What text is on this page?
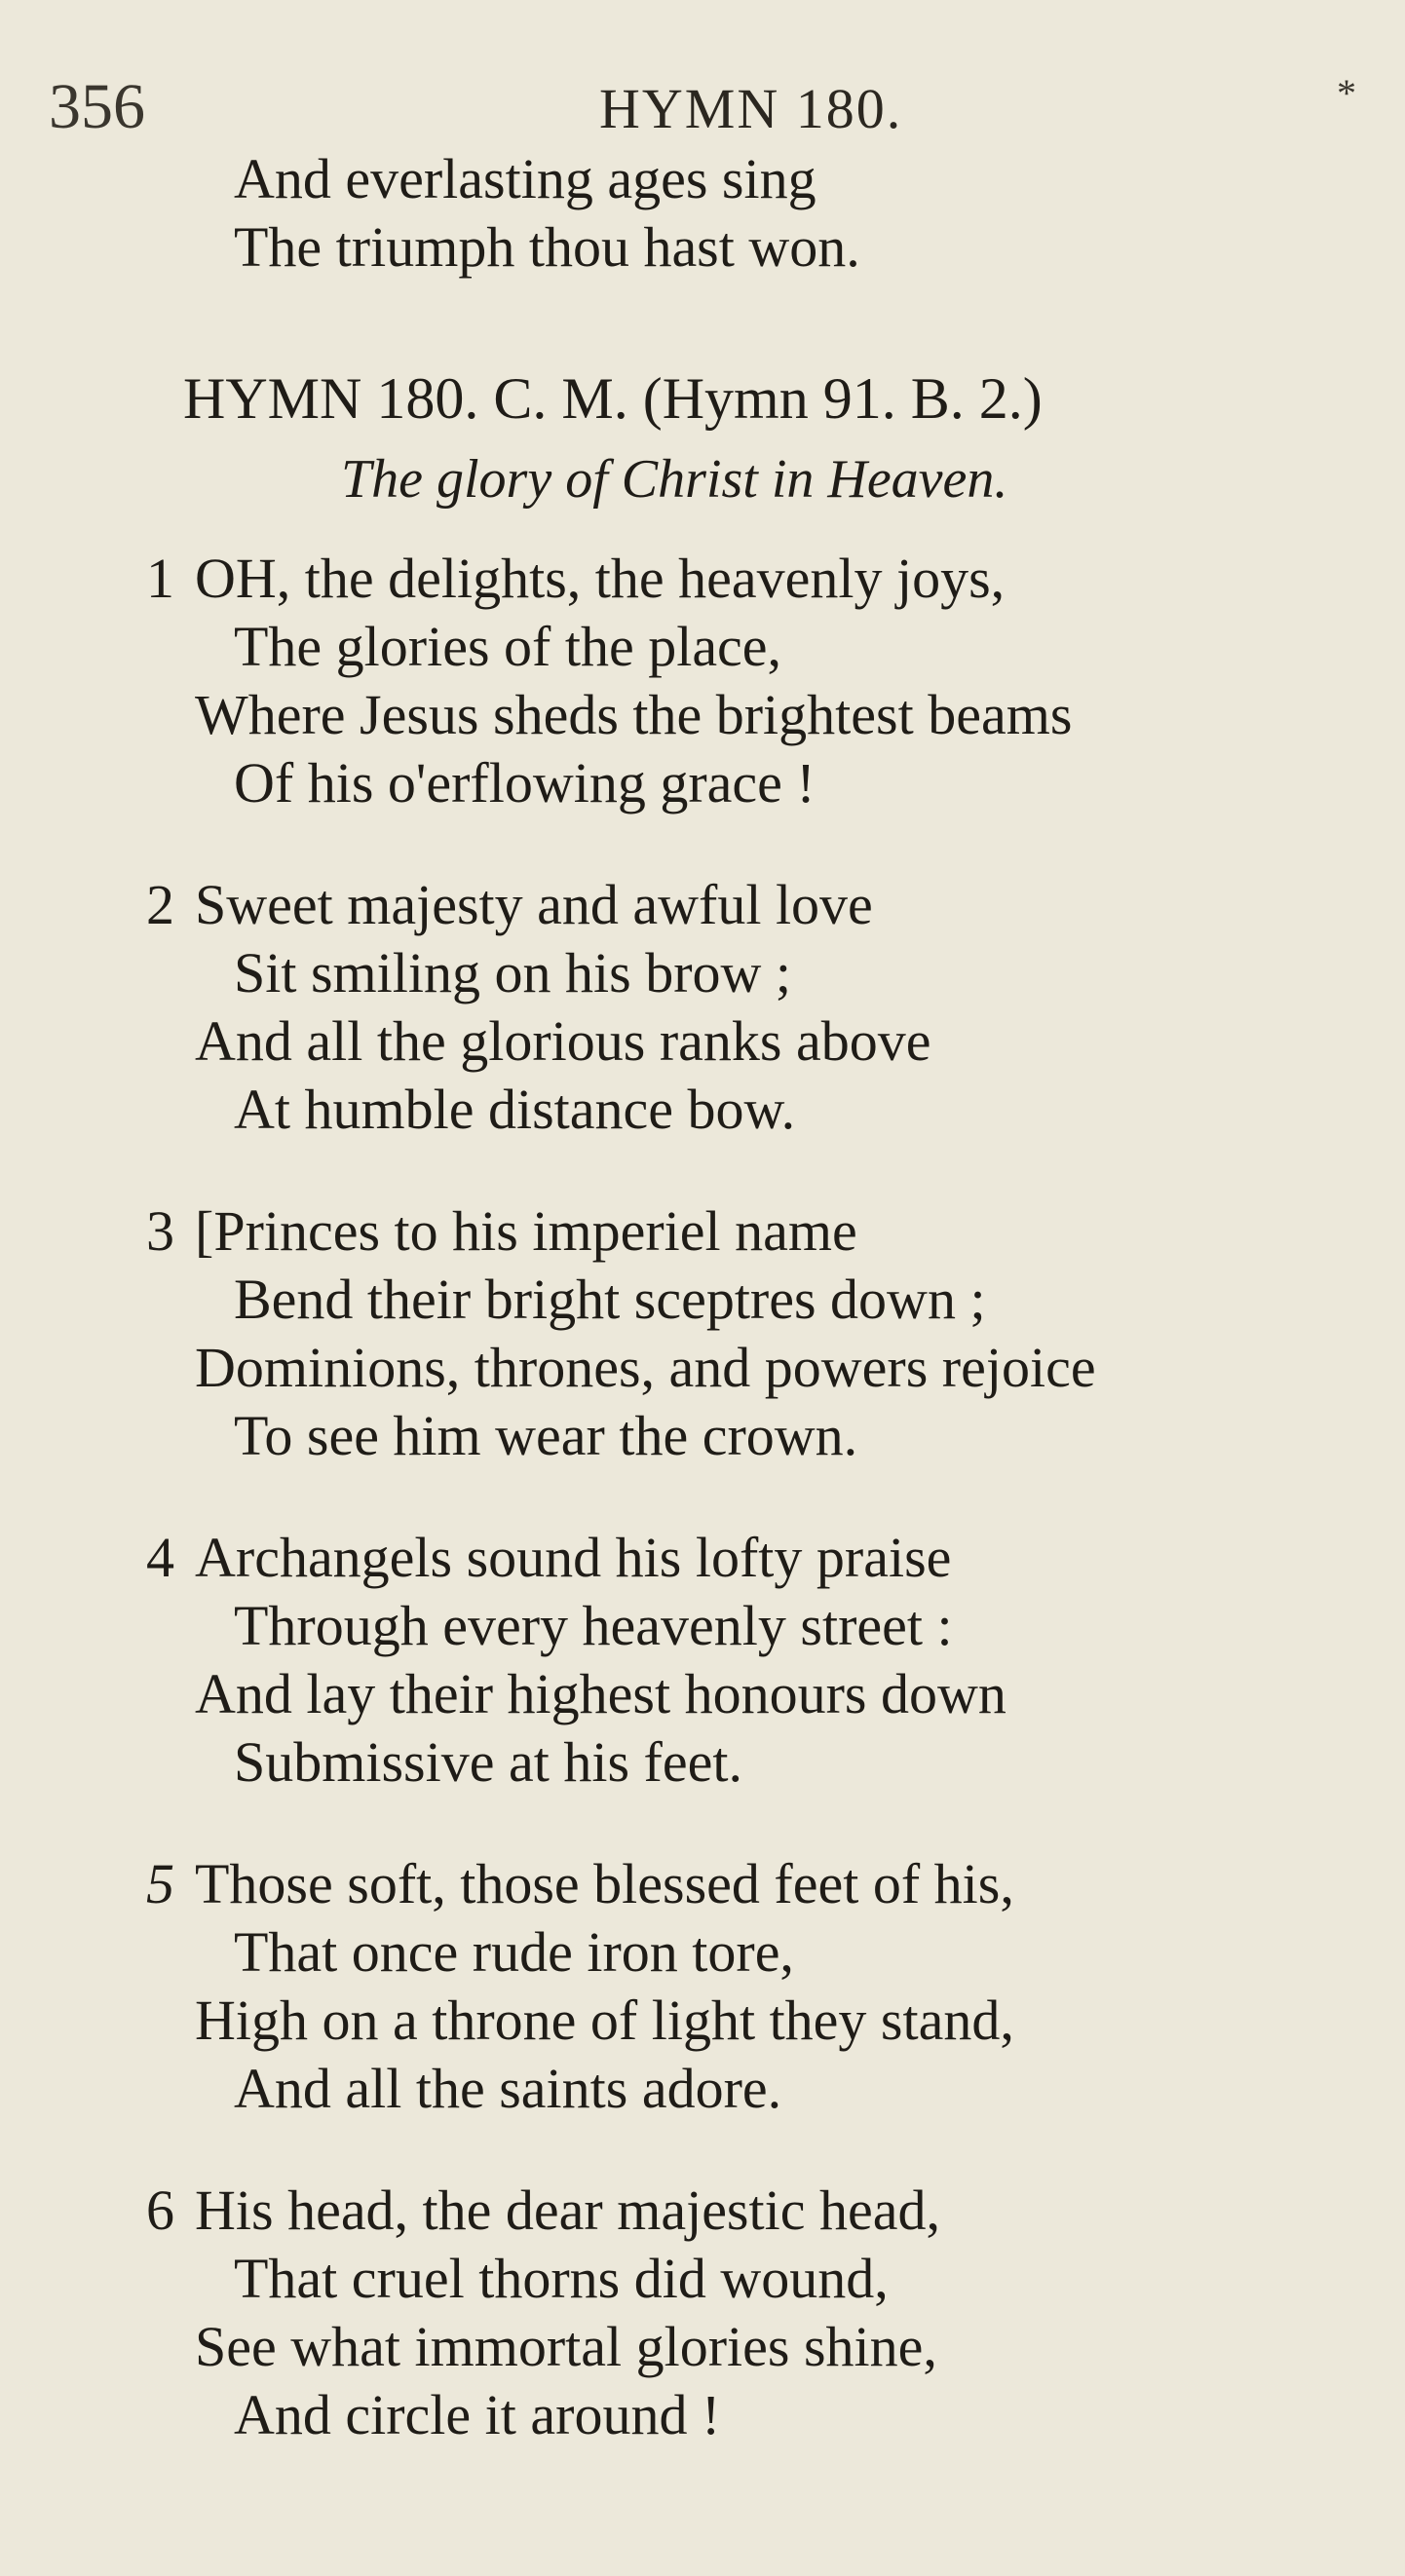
356	HYMN 180.	*
And everlasting ages sing
The triumph thou hast won.
HYMN 180. C. M. (Hymn 91. B. 2.)
The glory of Christ in Heaven.
1 OH, the delights, the heavenly joys,
The glories of the place,
Where Jesus sheds the brightest beams
Of his o'erflowing grace !
2 Sweet majesty and awful love
Sit smiling on his brow ;
And all the glorious ranks above
At humble distance bow.
3 [Princes to his imperiel name
Bend their bright sceptres down ;
Dominions, thrones, and powers rejoice
To see him wear the crown.
4 Archangels sound his lofty praise
Through every heavenly street :
And lay their highest honours down
Submissive at his feet.
5 Those soft, those blessed feet of his,
That once rude iron tore,
High on a throne of light they stand,
And all the saints adore.
6 His head, the dear majestic head,
That cruel thorns did wound,
See what immortal glories shine,
And circle it around !
